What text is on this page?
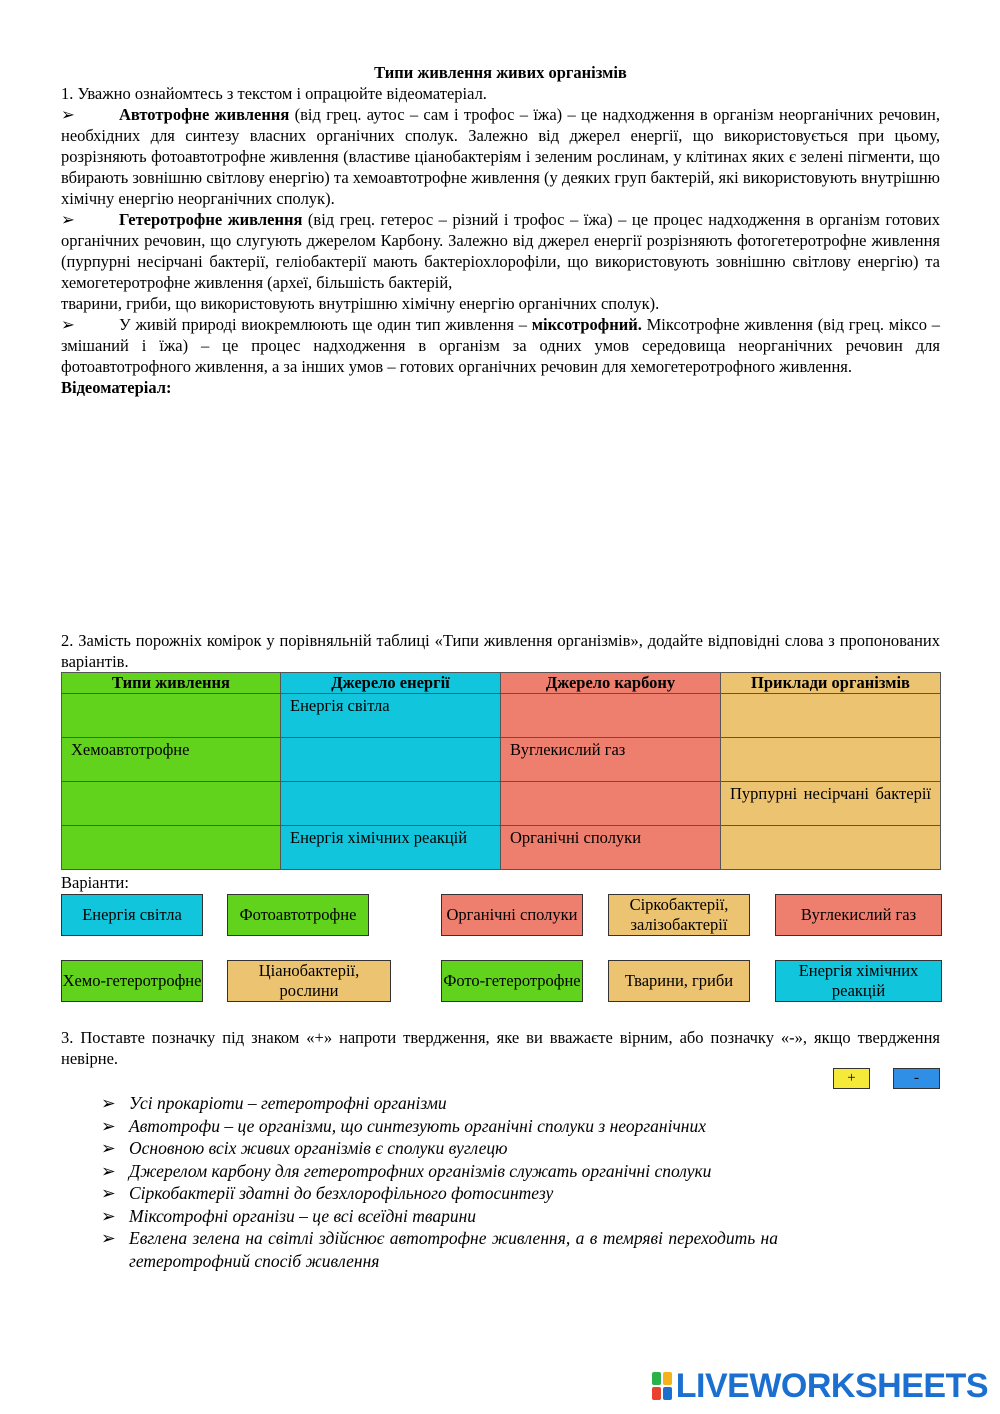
Типи живлення живих організмів

1. Уважно ознайомтесь з текстом і опрацюйте відеоматеріал.

➢	Автотрофне живлення (від грец. аутос – сам і трофос – їжа) – це надходження в організм неорганічних речовин, необхідних для синтезу власних органічних сполук. Залежно від джерел енергії, що використовується при цьому, розрізняють фотоавтотрофне живлення (властиве ціанобактеріям і зеленим рослинам, у клітинах яких є зелені пігменти, що вбирають зовнішню світлову енергію) та хемоавтотрофне живлення (у деяких груп бактерій, які використовують внутрішню хімічну енергію неорганічних сполук).

➢	Гетеротрофне живлення (від грец. гетерос – різний і трофос – їжа) – це процес надходження в організм готових органічних речовин, що слугують джерелом Карбону. Залежно від джерел енергії розрізняють фотогетеротрофне живлення (пурпурні несірчані бактерії, геліобактерії мають бактеріохлорофіли, що використовують зовнішню світлову енергію) та хемогетеротрофне живлення (археї, більшість бактерій,

тварини, гриби, що використовують внутрішню хімічну енергію органічних сполук).

➢	У живій природі виокремлюють ще один тип живлення – міксотрофний. Міксотрофне живлення (від грец. міксо – змішаний і їжа) – це процес надходження в організм за одних умов середовища неорганічних речовин для фотоавтотрофного живлення, а за інших умов – готових органічних речовин для хемогетеротрофного живлення.

Відеоматеріал:

2. Замість порожніх комірок у порівняльній таблиці «Типи живлення організмів», додайте відповідні слова з пропонованих варіантів.

Типи живлення	Джерело енергії	Джерело карбону	Приклади організмів
	Енергія світла		
Хемоавтотрофне		Вуглекислий газ	
			Пурпурні несірчані бактерії
	Енергія хімічних реакцій	Органічні сполуки	

Варіанти:

Енергія світла	Фотоавтотрофне	Органічні сполуки
Сіркобактерії, залізобактерії
Вуглекислий газ
Хемо-гетеротрофне
Ціанобактерії, рослини
Фото-гетеротрофне	Тварини, гриби
Енергія хімічних реакцій

3. Поставте позначку під знаком «+» напроти твердження, яке ви вважаєте вірним, або позначку «-», якщо твердження невірне.

+	-
➢ Усі прокаріоти – гетеротрофні організми
➢ Автотрофи – це організми, що синтезують органічні сполуки з неорганічних
➢ Основною всіх живих організмів є сполуки вуглецю
➢ Джерелом карбону для гетеротрофних організмів служать органічні сполуки
➢ Сіркобактерії здатні до безхлорофільного фотосинтезу
➢ Міксотрофні організи – це всі всеїдні тварини
➢ Евглена зелена на світлі здійснює автотрофне живлення, а в темряві переходить на гетеротрофний спосіб живлення
LIVEWORKSHEETS
